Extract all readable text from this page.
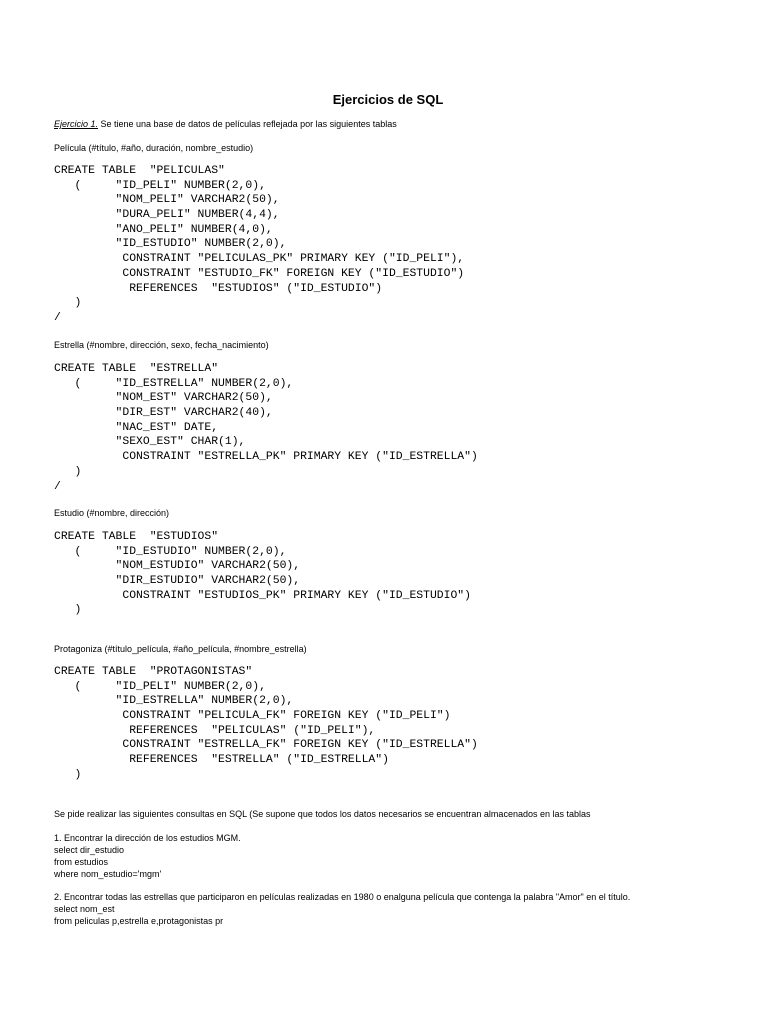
Ejercicios de SQL
Ejercicio 1. Se tiene una base de datos de películas reflejada por las siguientes tablas
Película (#título, #año, duración, nombre_estudio)
CREATE TABLE  "PELICULAS"
(     "ID_PELI" NUMBER(2,0),
"NOM_PELI" VARCHAR2(50),
"DURA_PELI" NUMBER(4,4),
"ANO_PELI" NUMBER(4,0),
"ID_ESTUDIO" NUMBER(2,0),
CONSTRAINT "PELICULAS_PK" PRIMARY KEY ("ID_PELI"),
CONSTRAINT "ESTUDIO_FK" FOREIGN KEY ("ID_ESTUDIO")
REFERENCES  "ESTUDIOS" ("ID_ESTUDIO")
)
/
Estrella (#nombre, dirección, sexo, fecha_nacimiento)
CREATE TABLE  "ESTRELLA"
(     "ID_ESTRELLA" NUMBER(2,0),
"NOM_EST" VARCHAR2(50),
"DIR_EST" VARCHAR2(40),
"NAC_EST" DATE,
"SEXO_EST" CHAR(1),
CONSTRAINT "ESTRELLA_PK" PRIMARY KEY ("ID_ESTRELLA")
)
/
Estudio (#nombre, dirección)
CREATE TABLE  "ESTUDIOS"
(     "ID_ESTUDIO" NUMBER(2,0),
"NOM_ESTUDIO" VARCHAR2(50),
"DIR_ESTUDIO" VARCHAR2(50),
CONSTRAINT "ESTUDIOS_PK" PRIMARY KEY ("ID_ESTUDIO")
)
Protagoniza (#título_película, #año_película, #nombre_estrella)
CREATE TABLE  "PROTAGONISTAS"
(     "ID_PELI" NUMBER(2,0),
"ID_ESTRELLA" NUMBER(2,0),
CONSTRAINT "PELICULA_FK" FOREIGN KEY ("ID_PELI")
REFERENCES  "PELICULAS" ("ID_PELI"),
CONSTRAINT "ESTRELLA_FK" FOREIGN KEY ("ID_ESTRELLA")
REFERENCES  "ESTRELLA" ("ID_ESTRELLA")
)
Se pide realizar las siguientes consultas en SQL (Se supone que todos los datos necesarios se encuentran almacenados en las tablas
1. Encontrar la dirección de los estudios MGM.
select dir_estudio
from estudios
where nom_estudio='mgm'
2. Encontrar todas las estrellas que participaron en películas realizadas en 1980 o enalguna película que contenga la palabra "Amor" en el título.
select nom_est
from peliculas p,estrella e,protagonistas pr
